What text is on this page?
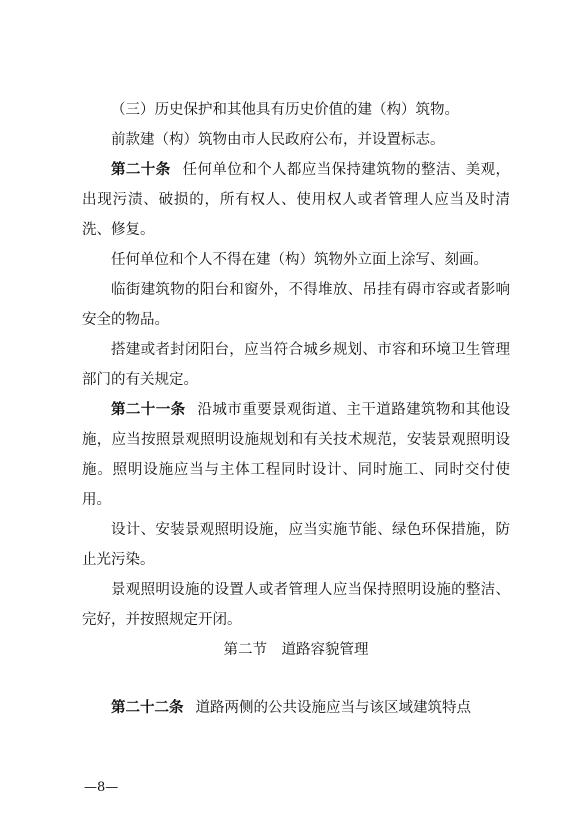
（三）历史保护和其他具有历史价值的建（构）筑物。

前款建（构）筑物由市人民政府公布，并设置标志。

第二十条 任何单位和个人都应当保持建筑物的整洁、美观，出现污渍、破损的，所有权人、使用权人或者管理人应当及时清洗、修复。

任何单位和个人不得在建（构）筑物外立面上涂写、刻画。

临街建筑物的阳台和窗外，不得堆放、吊挂有碍市容或者影响安全的物品。

搭建或者封闭阳台，应当符合城乡规划、市容和环境卫生管理部门的有关规定。

第二十一条 沿城市重要景观街道、主干道路建筑物和其他设施，应当按照景观照明设施规划和有关技术规范，安装景观照明设施。照明设施应当与主体工程同时设计、同时施工、同时交付使用。

设计、安装景观照明设施，应当实施节能、绿色环保措施，防止光污染。

景观照明设施的设置人或者管理人应当保持照明设施的整洁、完好，并按照规定开闭。

第二节　道路容貌管理

第二十二条 道路两侧的公共设施应当与该区域建筑特点

—8—
